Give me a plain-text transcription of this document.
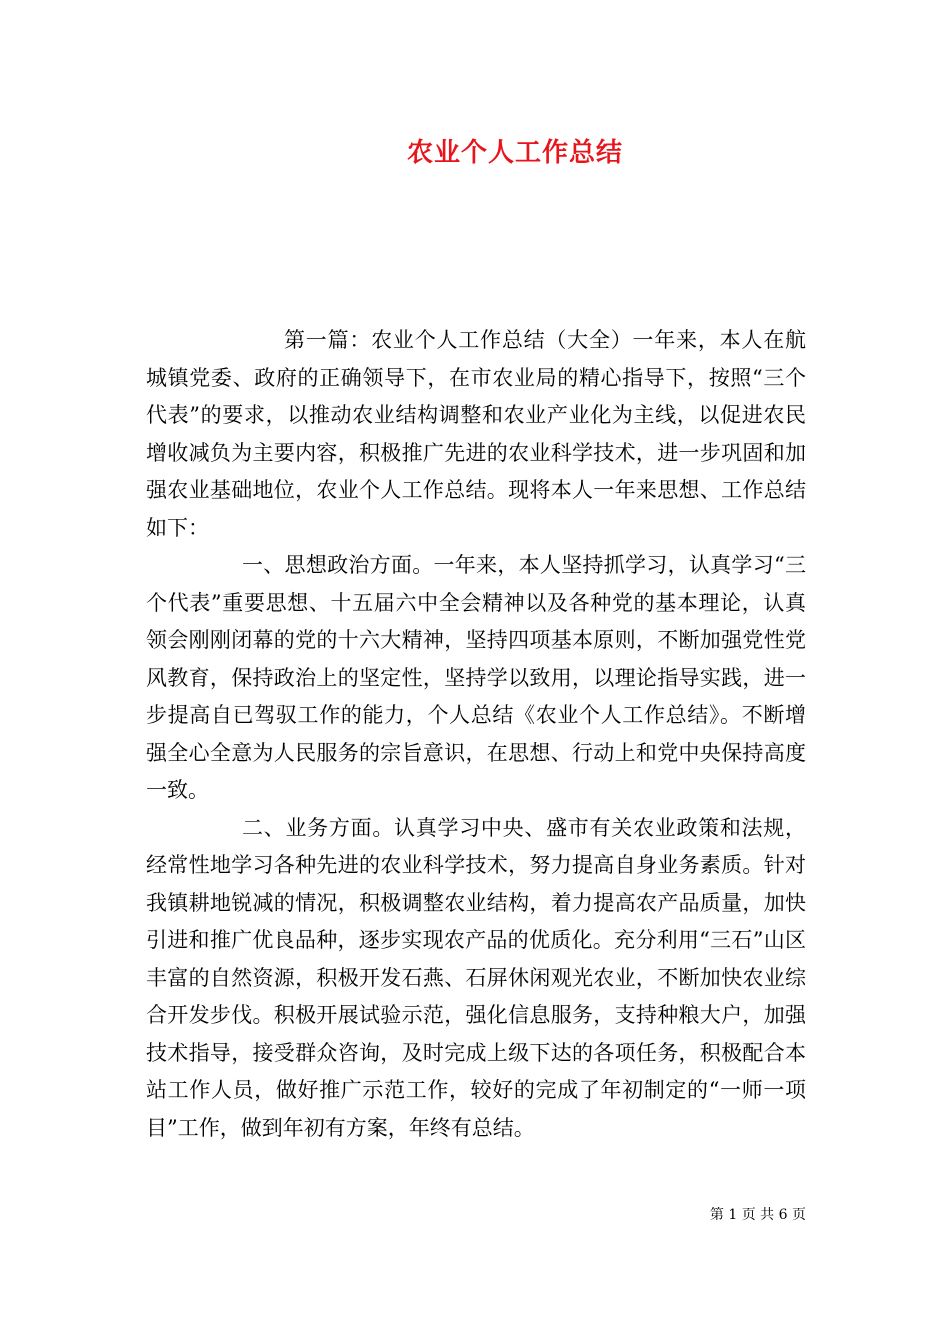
农业个人工作总结

第一篇：农业个人工作总结（大全）一年来，本人在航城镇党委、政府的正确领导下，在市农业局的精心指导下，按照“三个代表”的要求，以推动农业结构调整和农业产业化为主线，以促进农民增收减负为主要内容，积极推广先进的农业科学技术，进一步巩固和加强农业基础地位，农业个人工作总结。现将本人一年来思想、工作总结如下：

一、思想政治方面。一年来，本人坚持抓学习，认真学习“三个代表”重要思想、十五届六中全会精神以及各种党的基本理论，认真领会刚刚闭幕的党的十六大精神，坚持四项基本原则，不断加强党性党风教育，保持政治上的坚定性，坚持学以致用，以理论指导实践，进一步提高自已驾驭工作的能力，个人总结《农业个人工作总结》。不断增强全心全意为人民服务的宗旨意识，在思想、行动上和党中央保持高度一致。

二、业务方面。认真学习中央、盛市有关农业政策和法规，经常性地学习各种先进的农业科学技术，努力提高自身业务素质。针对我镇耕地锐减的情况，积极调整农业结构，着力提高农产品质量，加快引进和推广优良品种，逐步实现农产品的优质化。充分利用“三石”山区丰富的自然资源，积极开发石燕、石屏休闲观光农业，不断加快农业综合开发步伐。积极开展试验示范，强化信息服务，支持种粮大户，加强技术指导，接受群众咨询，及时完成上级下达的各项任务，积极配合本站工作人员，做好推广示范工作，较好的完成了年初制定的“一师一项目”工作，做到年初有方案，年终有总结。

第 1 页 共 6 页
